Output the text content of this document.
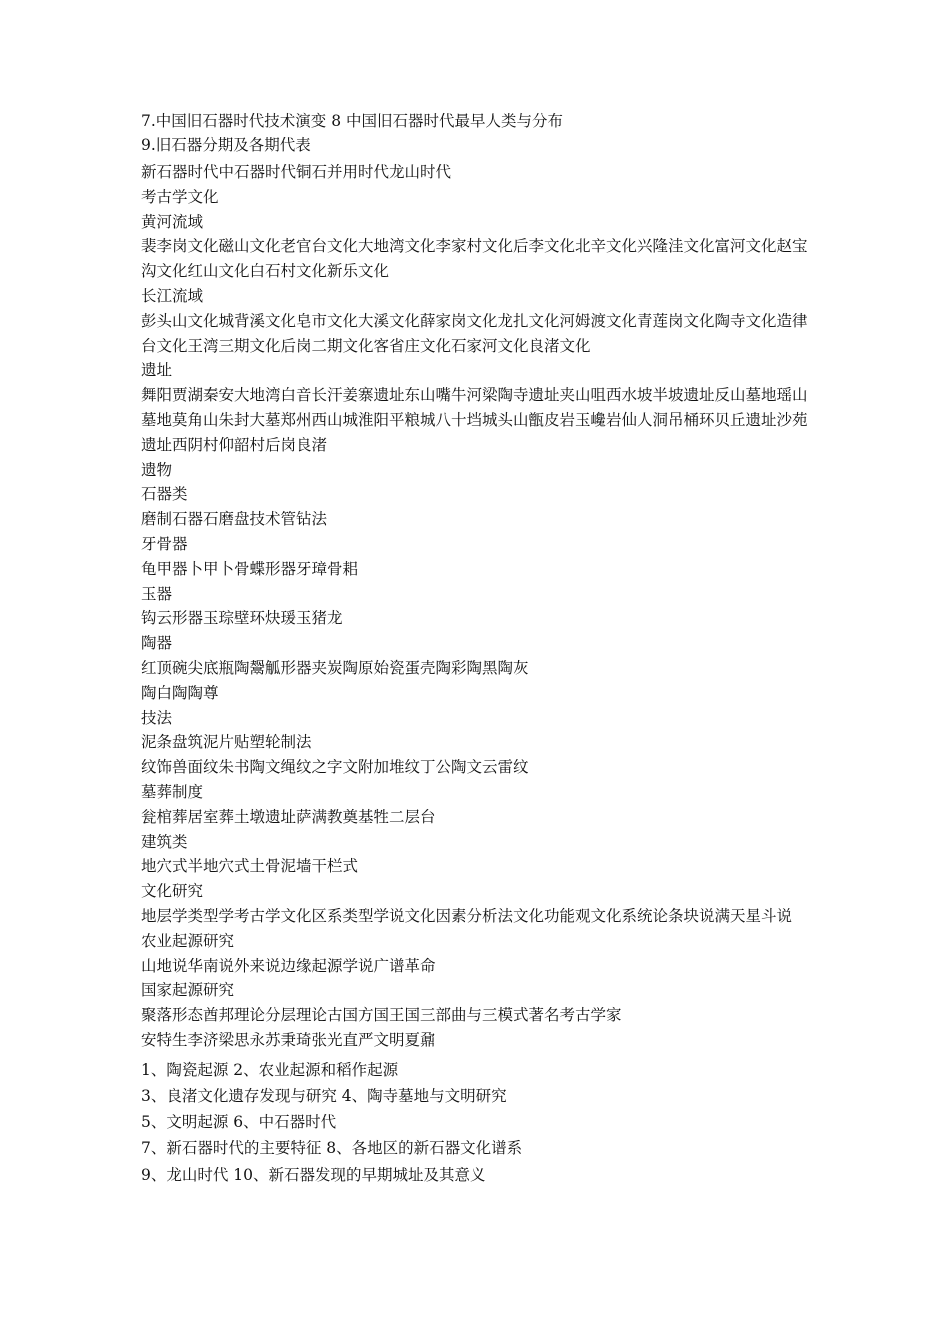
7.中国旧石器时代技术演变 8 中国旧石器时代最早人类与分布

9.旧石器分期及各期代表

新石器时代中石器时代铜石并用时代龙山时代

考古学文化

黄河流域

裴李岗文化磁山文化老官台文化大地湾文化李家村文化后李文化北辛文化兴隆洼文化富河文化赵宝沟文化红山文化白石村文化新乐文化

长江流域

彭头山文化城背溪文化皂市文化大溪文化薛家岗文化龙扎文化河姆渡文化青莲岗文化陶寺文化造律台文化王湾三期文化后岗二期文化客省庄文化石家河文化良渚文化

遗址

舞阳贾湖秦安大地湾白音长汗姜寨遗址东山嘴牛河梁陶寺遗址夹山咀西水坡半坡遗址反山墓地瑶山墓地莫角山朱封大墓郑州西山城淮阳平粮城八十垱城头山甑皮岩玉巉岩仙人洞吊桶环贝丘遗址沙苑遗址西阴村仰韶村后岗良渚

遗物

石器类

磨制石器石磨盘技术管钻法

牙骨器

龟甲器卜甲卜骨蝶形器牙璋骨耜

玉器

钩云形器玉琮壁环炔瑗玉猪龙

陶器

红顶碗尖底瓶陶鬶觚形器夹炭陶原始瓷蛋壳陶彩陶黑陶灰

陶白陶陶尊

技法

泥条盘筑泥片贴塑轮制法

纹饰兽面纹朱书陶文绳纹之字文附加堆纹丁公陶文云雷纹

墓葬制度

瓮棺葬居室葬土墩遗址萨满教奠基牲二层台

建筑类

地穴式半地穴式土骨泥墙干栏式

文化研究

地层学类型学考古学文化区系类型学说文化因素分析法文化功能观文化系统论条块说满天星斗说

农业起源研究

山地说华南说外来说边缘起源学说广谱革命

国家起源研究

聚落形态酋邦理论分层理论古国方国王国三部曲与三模式著名考古学家

安特生李济梁思永苏秉琦张光直严文明夏鼐

1、陶瓷起源 2、农业起源和稻作起源

3、良渚文化遗存发现与研究 4、陶寺墓地与文明研究

5、文明起源 6、中石器时代

7、新石器时代的主要特征 8、各地区的新石器文化谱系

9、龙山时代 10、新石器发现的早期城址及其意义
